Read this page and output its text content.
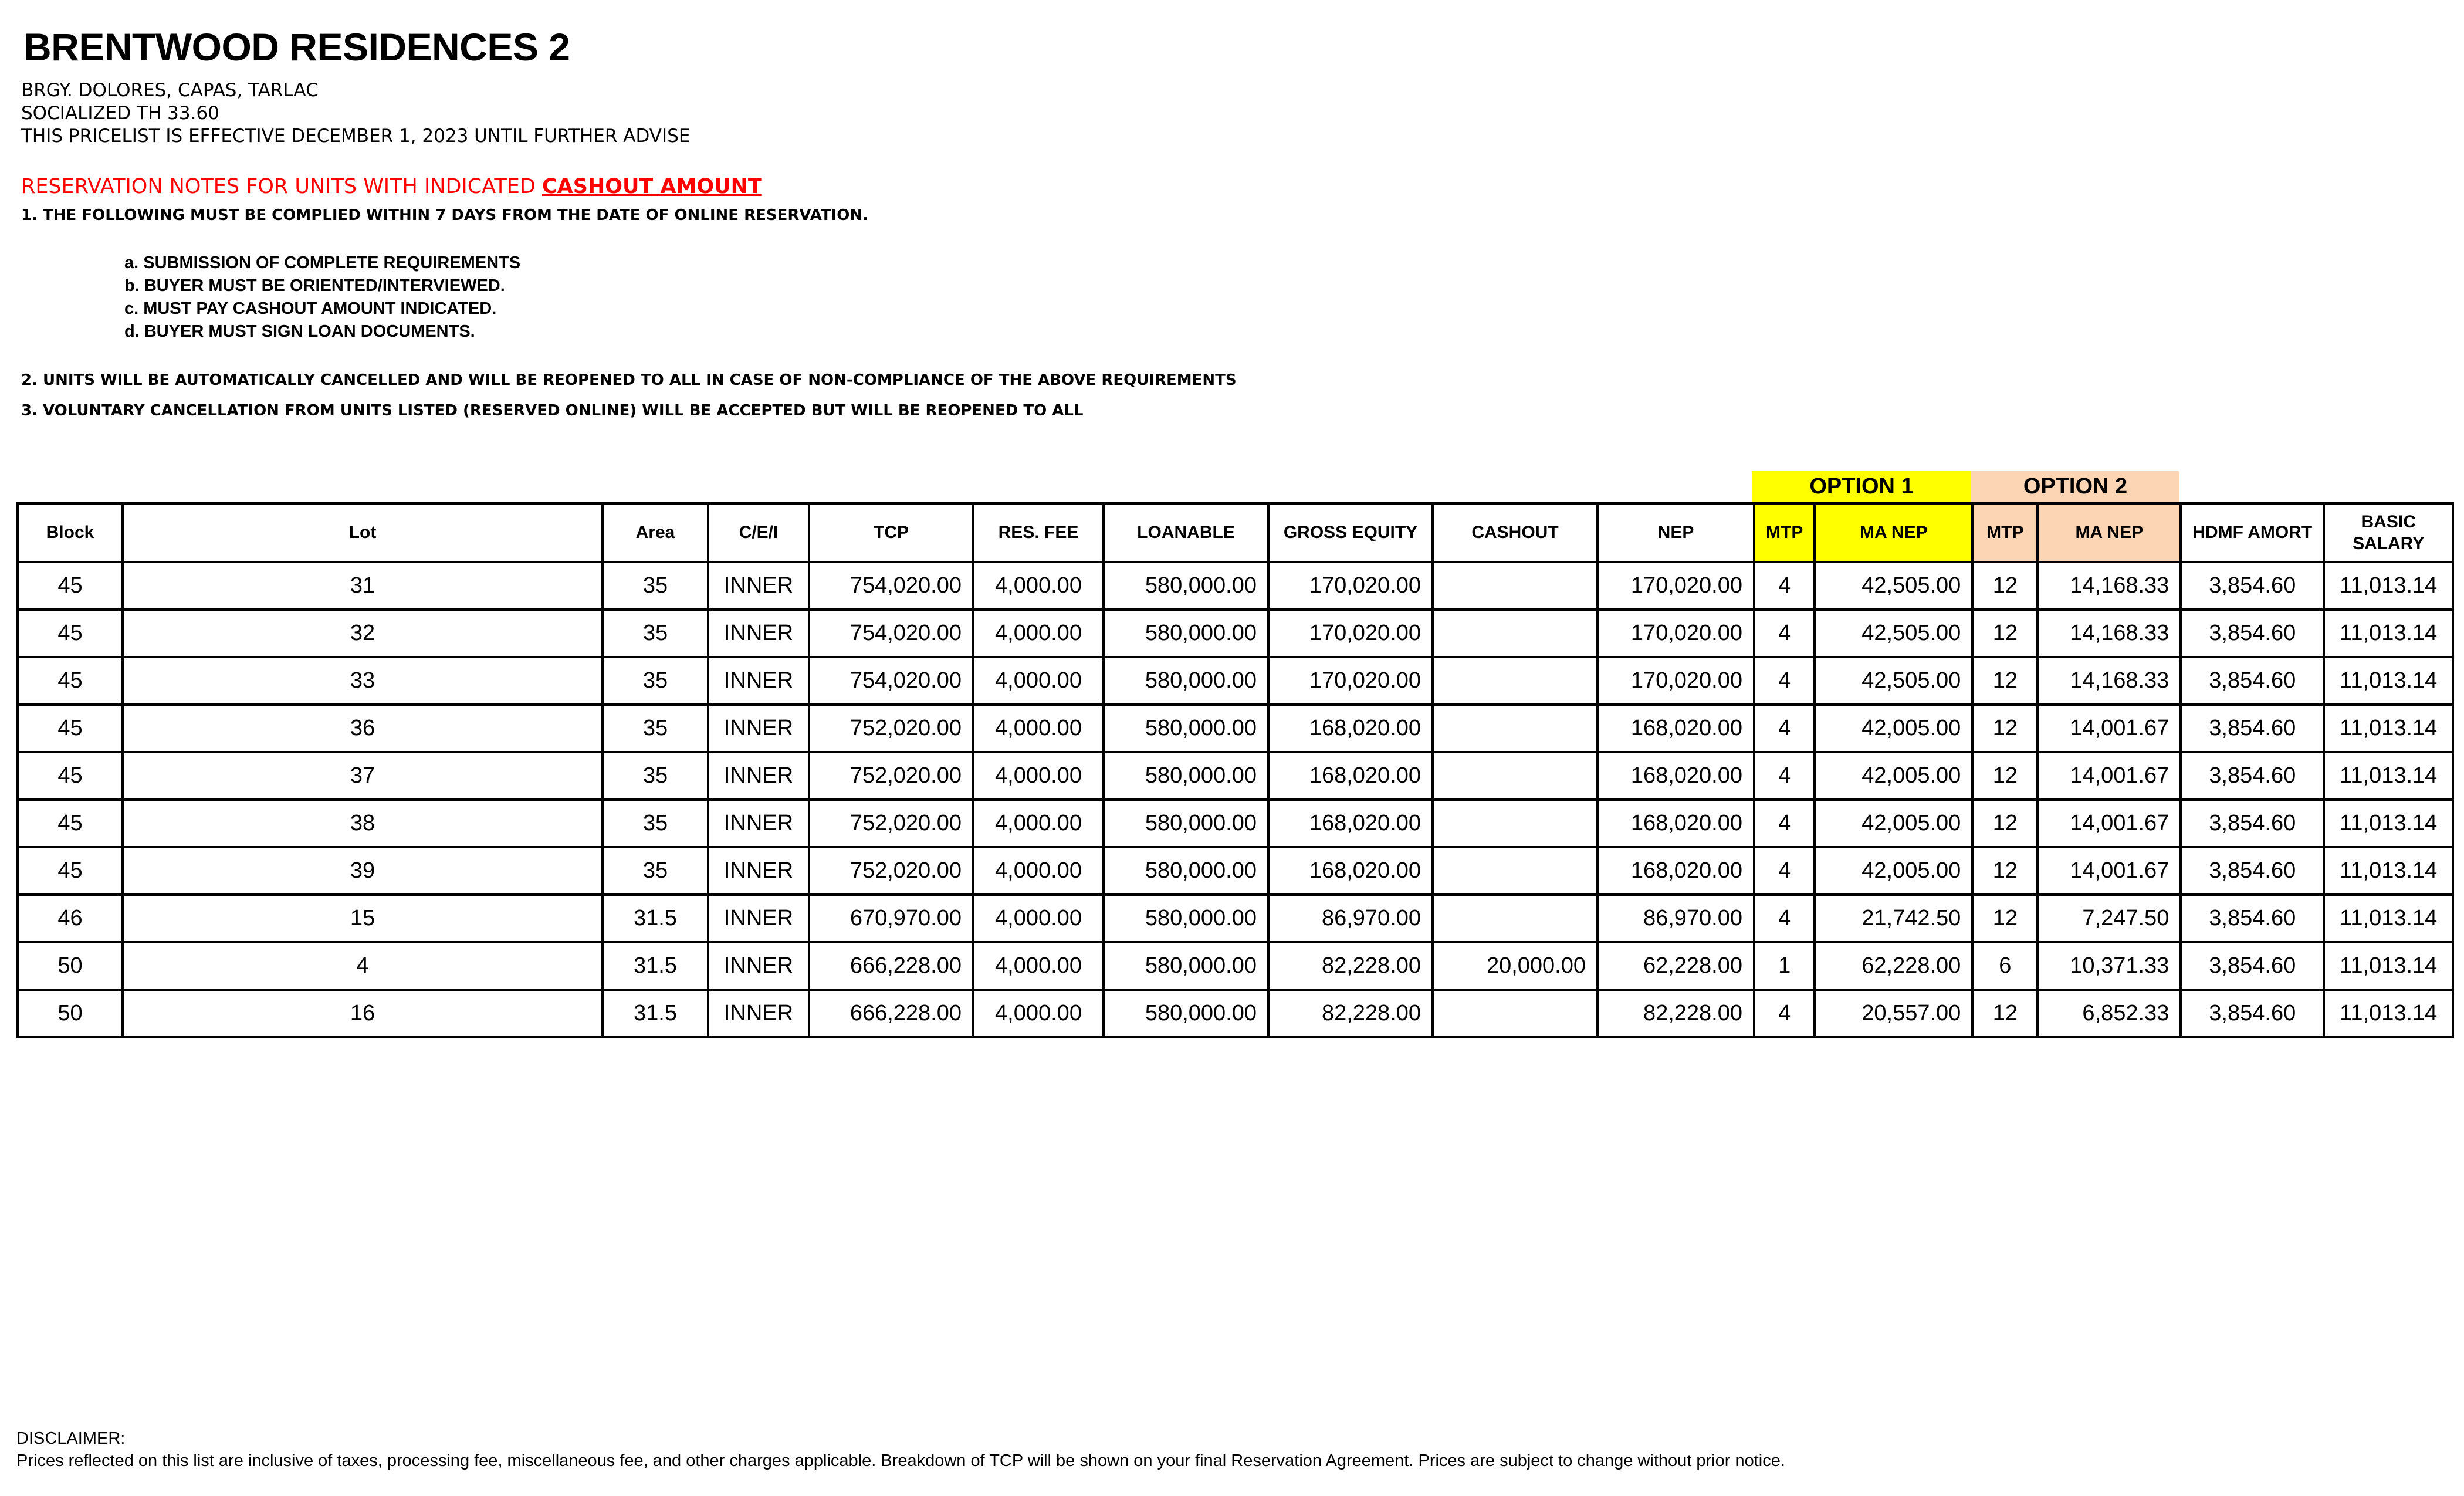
BRENTWOOD RESIDENCES 2
BRGY. DOLORES, CAPAS, TARLAC
SOCIALIZED TH 33.60
THIS PRICELIST IS EFFECTIVE DECEMBER 1, 2023 UNTIL FURTHER ADVISE
RESERVATION NOTES FOR UNITS WITH INDICATED CASHOUT AMOUNT
1. THE FOLLOWING MUST BE COMPLIED WITHIN 7 DAYS FROM THE DATE OF ONLINE RESERVATION.
a. SUBMISSION OF COMPLETE REQUIREMENTS
b. BUYER MUST BE ORIENTED/INTERVIEWED.
c. MUST PAY CASHOUT AMOUNT INDICATED.
d. BUYER MUST SIGN LOAN DOCUMENTS.
2. UNITS WILL BE AUTOMATICALLY CANCELLED AND WILL BE REOPENED TO ALL IN CASE OF NON-COMPLIANCE OF THE ABOVE REQUIREMENTS
3. VOLUNTARY CANCELLATION FROM UNITS LISTED (RESERVED ONLINE) WILL BE ACCEPTED BUT WILL BE REOPENED TO ALL
OPTION 1	OPTION 2
Block	Lot	Area	C/E/I	TCP	RES. FEE	LOANABLE	GROSS EQUITY	CASHOUT	NEP	MTP	MA NEP	MTP	MA NEP	HDMF AMORT	BASIC SALARY
45	31	35	INNER	754,020.00	4,000.00	580,000.00	170,020.00		170,020.00	4	42,505.00	12	14,168.33	3,854.60	11,013.14
45	32	35	INNER	754,020.00	4,000.00	580,000.00	170,020.00		170,020.00	4	42,505.00	12	14,168.33	3,854.60	11,013.14
45	33	35	INNER	754,020.00	4,000.00	580,000.00	170,020.00		170,020.00	4	42,505.00	12	14,168.33	3,854.60	11,013.14
45	36	35	INNER	752,020.00	4,000.00	580,000.00	168,020.00		168,020.00	4	42,005.00	12	14,001.67	3,854.60	11,013.14
45	37	35	INNER	752,020.00	4,000.00	580,000.00	168,020.00		168,020.00	4	42,005.00	12	14,001.67	3,854.60	11,013.14
45	38	35	INNER	752,020.00	4,000.00	580,000.00	168,020.00		168,020.00	4	42,005.00	12	14,001.67	3,854.60	11,013.14
45	39	35	INNER	752,020.00	4,000.00	580,000.00	168,020.00		168,020.00	4	42,005.00	12	14,001.67	3,854.60	11,013.14
46	15	31.5	INNER	670,970.00	4,000.00	580,000.00	86,970.00		86,970.00	4	21,742.50	12	7,247.50	3,854.60	11,013.14
50	4	31.5	INNER	666,228.00	4,000.00	580,000.00	82,228.00	20,000.00	62,228.00	1	62,228.00	6	10,371.33	3,854.60	11,013.14
50	16	31.5	INNER	666,228.00	4,000.00	580,000.00	82,228.00		82,228.00	4	20,557.00	12	6,852.33	3,854.60	11,013.14
DISCLAIMER:
Prices reflected on this list are inclusive of taxes, processing fee, miscellaneous fee, and other charges applicable. Breakdown of TCP will be shown on your final Reservation Agreement. Prices are subject to change without prior notice.
